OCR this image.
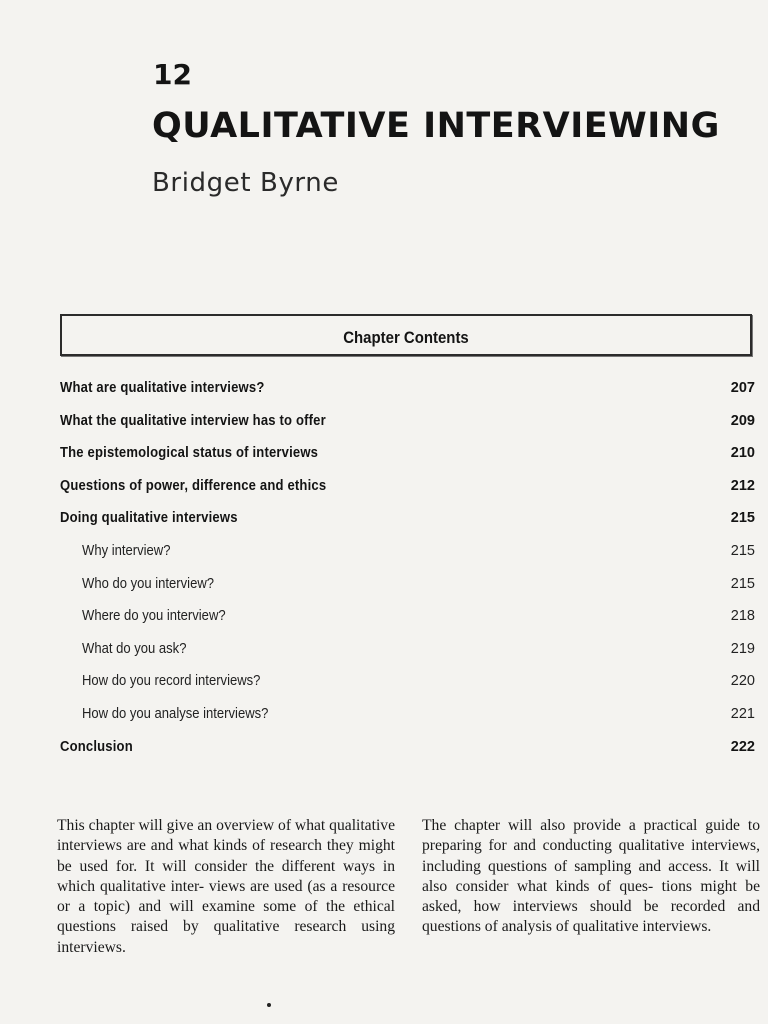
12
QUALITATIVE INTERVIEWING
Bridget Byrne
Chapter Contents
What are qualitative interviews?	207
What the qualitative interview has to offer	209
The epistemological status of interviews	210
Questions of power, difference and ethics	212
Doing qualitative interviews	215
Why interview?	215
Who do you interview?	215
Where do you interview?	218
What do you ask?	219
How do you record interviews?	220
How do you analyse interviews?	221
Conclusion	222

This chapter will give an overview of what qualitative interviews are and what kinds of research they might be used for. It will consider the different ways in which qualitative inter- views are used (as a resource or a topic) and will examine some of the ethical questions raised by qualitative research using interviews.

The chapter will also provide a practical guide to preparing for and conducting qualitative interviews, including questions of sampling and access. It will also consider what kinds of ques- tions might be asked, how interviews should be recorded and questions of analysis of qualitative interviews.
